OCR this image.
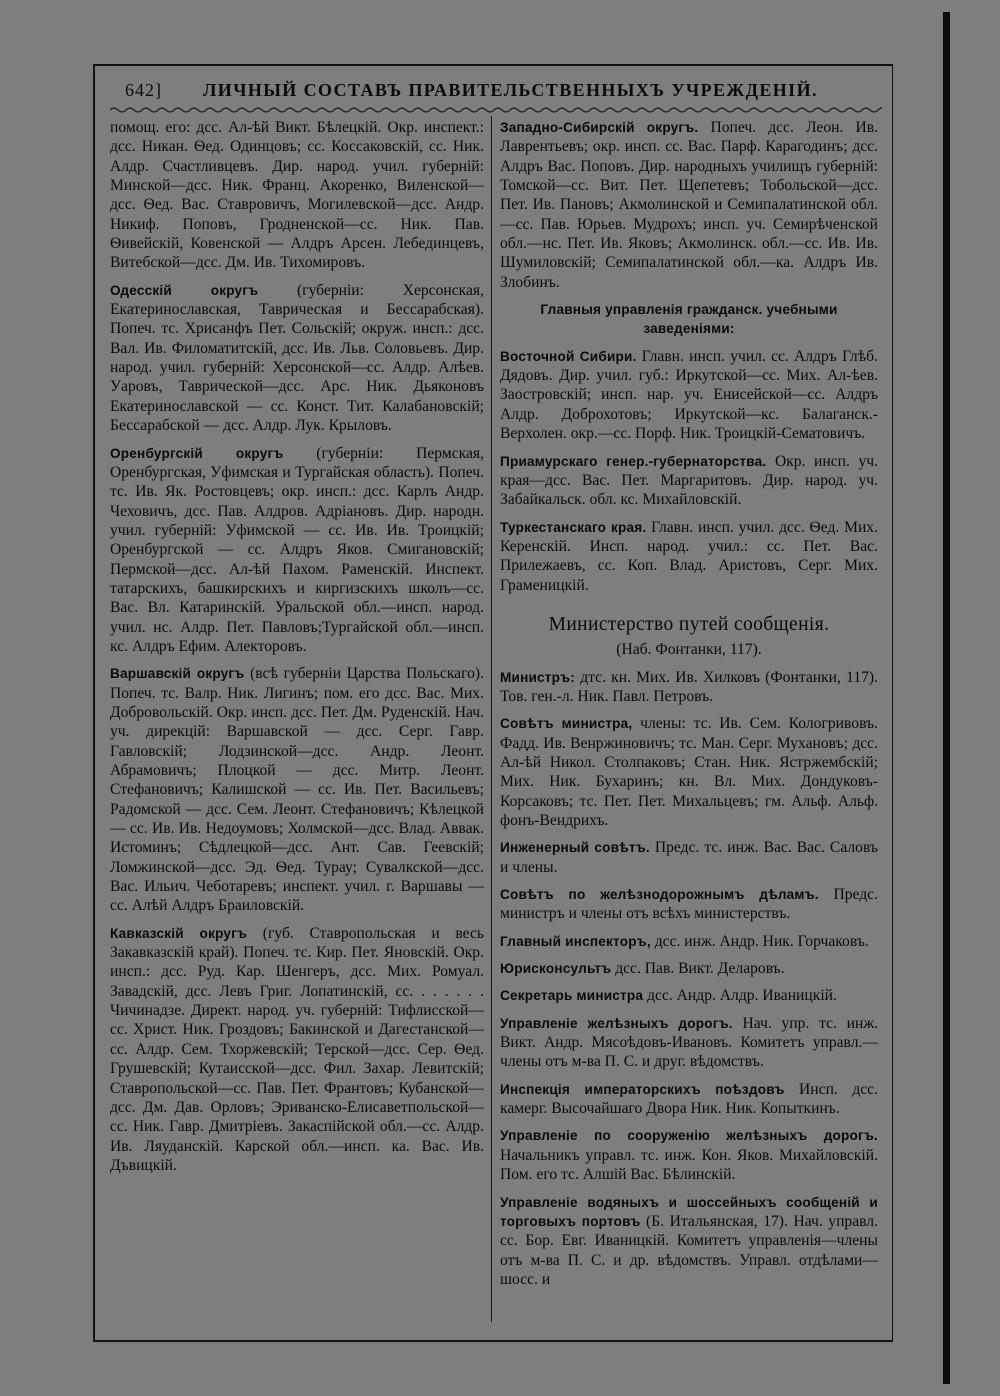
642] ЛИЧНЫЙ СОСТАВЪ ПРАВИТЕЛЬСТВЕННЫХЪ УЧРЕЖДЕНІЙ.

помощ. его: дсс. Ал-ѣй Викт. Бѣлецкій. Окр. инспект.: дсс. Никан. Ѳед. Одинцовъ; сс. Коссаковскій, сс. Ник. Алдр. Счастливцевъ. Дир. народ. учил. губерній: Минской—дсс. Ник. Франц. Акоренко, Виленской—дсс. Ѳед. Вас. Ставровичъ, Могилевской—дсс. Андр. Никиф. Поповъ, Гродненской—сс. Ник. Пав. Ѳивейскій, Ковенской — Алдръ Арсен. Лебединцевъ, Витебской—дсс. Дм. Ив. Тихомировъ.

Одесскій округъ (губерніи: Херсонская, Екатеринославская, Таврическая и Бессарабская). Попеч. тс. Хрисанфъ Пет. Сольскій; окруж. инсп.: дсс. Вал. Ив. Филоматитскій, дсс. Ив. Льв. Соловьевъ. Дир. народ. учил. губерній: Херсонской—сс. Алдр. Алѣев. Уаровъ, Таврической—дсс. Арс. Ник. Дьяконовъ Екатеринославской — сс. Конст. Тит. Калабановскій; Бессарабской — дсс. Алдр. Лук. Крыловъ.

Оренбургскій округъ (губерніи: Пермская, Оренбургская, Уфимская и Тургайская область). Попеч. тс. Ив. Як. Ростовцевъ; окр. инсп.: дсс. Карлъ Андр. Чеховичъ, дсс. Пав. Алдров. Адріановъ. Дир. народн. учил. губерній: Уфимской — сс. Ив. Ив. Троицкій; Оренбургской — сс. Алдръ Яков. Смигановскій; Пермской—дсс. Ал-ѣй Пахом. Раменскій. Инспект. татарскихъ, башкирскихъ и киргизскихъ школъ—сс. Вас. Вл. Катаринскій. Уральской обл.—инсп. народ. учил. нс. Алдр. Пет. Павловъ;Тургайской обл.—инсп. кс. Алдръ Ефим. Алекторовъ.

Варшавскій округъ (всѣ губерніи Царства Польскаго). Попеч. тс. Валр. Ник. Лигинъ; пом. его дсс. Вас. Мих. Добровольскій. Окр. инсп. дсс. Пет. Дм. Руденскій. Нач. уч. дирекцій: Варшавской — дсс. Серг. Гавр. Гавловскій; Лодзинской—дсс. Андр. Леонт. Абрамовичъ; Плоцкой — дсс. Митр. Леонт. Стефановичъ; Калишской — сс. Ив. Пет. Васильевъ; Радомской — дсс. Сем. Леонт. Стефановичъ; Кѣлецкой — сс. Ив. Ив. Недоумовъ; Холмской—дсс. Влад. Аввак. Истоминъ; Сѣдлецкой—дсс. Ант. Сав. Геевскій; Ломжинской—дсс. Эд. Ѳед. Турау; Сувалкской—дсс. Вас. Ильич. Чеботаревъ; инспект. учил. г. Варшавы — сс. Алѣй Алдръ Браиловскій.

Кавказскій округъ (губ. Ставропольская и весь Закавказскій край). Попеч. тс. Кир. Пет. Яновскій. Окр. инсп.: дсс. Руд. Кар. Шенгеръ, дсс. Мих. Ромуал. Завадскій, дсс. Левъ Григ. Лопатинскій, сс. . . . . . . Чичинадзе. Директ. народ. уч. губерній: Тифлисской—сс. Христ. Ник. Гроздовъ; Бакинской и Дагестанской—сс. Алдр. Сем. Тхоржевскій; Терской—дсс. Сер. Ѳед. Грушевскій; Кутаисской—дсс. Фил. Захар. Левитскій; Ставропольской—сс. Пав. Пет. Франтовъ; Кубанской—дсс. Дм. Дав. Орловъ; Эриванско-Елисаветпольской—сс. Ник. Гавр. Дмитріевъ. Закаспійской обл.—сс. Алдр. Ив. Ляуданскій. Карской обл.—инсп. ка. Вас. Ив. Дъвицкій.

Западно-Сибирскій округъ. Попеч. дсс. Леон. Ив. Лаврентьевъ; окр. инсп. сс. Вас. Парф. Карагодинъ; дсс. Алдръ Вас. Поповъ. Дир. народныхъ училищъ губерній: Томской—сс. Вит. Пет. Щепетевъ; Тобольской—дсс. Пет. Ив. Пановъ; Акмолинской и Семипалатинской обл.—сс. Пав. Юрьев. Мудрохъ; инсп. уч. Семирѣченской обл.—нс. Пет. Ив. Яковъ; Акмолинск. обл.—сс. Ив. Ив. Шумиловскій; Семипалатинской обл.—ка. Алдръ Ив. Злобинъ.

Главныя управленія гражданск. учебными заведеніями:

Восточной Сибири. Главн. инсп. учил. сс. Алдръ Глѣб. Дядовъ. Дир. учил. губ.: Иркутской—сс. Мих. Ал-ѣев. Заостровскій; инсп. нар. уч. Енисейской—сс. Алдръ Алдр. Доброхотовъ; Иркутской—кс. Балаганск.-Верхолен. окр.—сс. Порф. Ник. Троицкій-Сематовичъ.

Приамурскаго генер.-губернаторства. Окр. инсп. уч. края—дсс. Вас. Пет. Маргаритовъ. Дир. народ. уч. Забайкальск. обл. кс. Михайловскій.

Туркестанскаго края. Главн. инсп. учил. дсс. Ѳед. Мих. Керенскій. Инсп. народ. учил.: сс. Пет. Вас. Прилежаевъ, сс. Коп. Влад. Аристовъ, Серг. Мих. Граменицкій.

Министерство путей сообщенія.

(Наб. Фонтанки, 117).

Министръ: дтс. кн. Мих. Ив. Хилковъ (Фонтанки, 117). Тов. ген.-л. Ник. Павл. Петровъ.

Совѣтъ министра, члены: тс. Ив. Сем. Кологривовъ. Фадд. Ив. Венржиновичъ; тс. Ман. Серг. Мухановъ; дсс. Ал-ѣй Никол. Столпаковъ; Стан. Ник. Ястржембскій; Мих. Ник. Бухаринъ; кн. Вл. Мих. Дондуковъ-Корсаковъ; тс. Пет. Пет. Михальцевъ; гм. Альф. Альф. фонъ-Вендрихъ.

Инженерный совѣтъ. Предс. тс. инж. Вас. Вас. Саловъ и члены.

Совѣтъ по желѣзнодорожнымъ дѣламъ. Предс. министръ и члены отъ всѣхъ министерствъ.

Главный инспекторъ, дсс. инж. Андр. Ник. Горчаковъ.

Юрисконсультъ дсс. Пав. Викт. Деларовъ.

Секретарь министра дсс. Андр. Алдр. Иваницкій.

Управленіе желѣзныхъ дорогъ. Нач. упр. тс. инж. Викт. Андр. Мясоѣдовъ-Ивановъ. Комитетъ управл.—члены отъ м-ва П. С. и друг. вѣдомствъ.

Инспекція императорскихъ поѣздовъ Инсп. дсс. камерг. Высочайшаго Двора Ник. Ник. Копыткинъ.

Управленіе по сооруженію желѣзныхъ дорогъ. Начальникъ управл. тс. инж. Кон. Яков. Михайловскій. Пом. его тс. Алшій Вас. Бѣлинскій.

Управленіе водяныхъ и шоссейныхъ сообщеній и торговыхъ портовъ (Б. Итальянская, 17). Нач. управл. сс. Бор. Евг. Иваницкій. Комитетъ управленія—члены отъ м-ва П. С. и др. вѣдомствъ. Управл. отдѣлами—шосс. и
